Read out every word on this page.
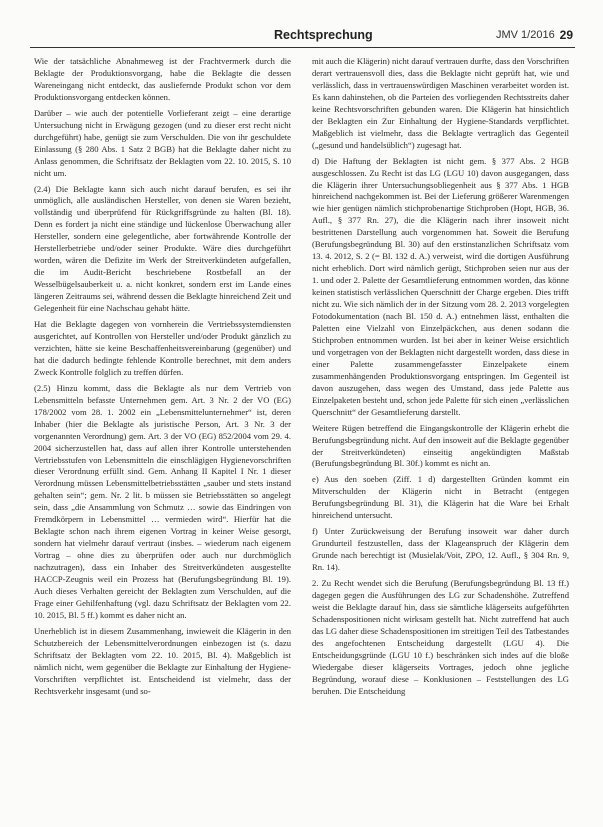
Rechtsprechung	JMV 1/2016 29

Wie der tatsächliche Abnahmeweg ist der Frachtvermerk durch die Beklagte der Produktionsvorgang, habe die Beklagte die dessen Wareneingang nicht entdeckt, das ausliefernde Produkt schon vor dem Produktionsvorgang entdecken können.

Darüber – wie auch der potentielle Vorlieferant zeigt – eine derartige Untersuchung nicht in Erwägung gezogen (und zu dieser erst recht nicht durchgeführt) habe, genügt sie zum Verschulden. Die von ihr geschuldete Einlassung (§ 280 Abs. 1 Satz 2 BGB) hat die Beklagte daher nicht zu Anlass genommen, die Schriftsatz der Beklagten vom 22. 10. 2015, S. 10 nicht um.

(2.4) Die Beklagte kann sich auch nicht darauf berufen, es sei ihr unmöglich, alle ausländischen Hersteller, von denen sie Waren bezieht, vollständig und überprüfend für Rückgriffsgründe zu halten (Bl. 18). Denn es fordert ja nicht eine ständige und lückenlose Überwachung aller Hersteller, sondern eine gelegentliche, aber fortwährende Kontrolle der Herstellerbetriebe und/oder seiner Produkte. Wäre dies durchgeführt worden, wären die Defizite im Werk der Streitverkündeten aufgefallen, die im Audit-Bericht beschriebene Rostbefall an der Wesselbügelsauberkeit u. a. nicht konkret, sondern erst im Lande eines längeren Zeitraums sei, während dessen die Beklagte hinreichend Zeit und Gelegenheit für eine Nachschau gehabt hätte.

Hat die Beklagte dagegen von vornherein die Vertriebssystemdiensten ausgerichtet, auf Kontrollen von Hersteller und/oder Produkt gänzlich zu verzichten, hätte sie keine Beschaffenheitsvereinbarung (gegenüber) und hat die dadurch bedingte fehlende Kontrolle berechnet, mit dem anders Zweck Kontrolle folglich zu treffen dürfen.

(2.5) Hinzu kommt, dass die Beklagte als nur dem Vertrieb von Lebensmitteln befasste Unternehmen gem. Art. 3 Nr. 2 der VO (EG) 178/2002 vom 28. 1. 2002 ein „Lebensmittelunternehmer“ ist, deren Inhaber (hier die Beklagte als juristische Person, Art. 3 Nr. 3 der vorgenannten Verordnung) gem. Art. 3 der VO (EG) 852/2004 vom 29. 4. 2004 sicherzustellen hat, dass auf allen ihrer Kontrolle unterstehenden Vertriebsstufen von Lebensmitteln die einschlägigen Hygienevorschriften dieser Verordnung erfüllt sind. Gem. Anhang II Kapitel I Nr. 1 dieser Verordnung müssen Lebensmittelbetriebsstätten „sauber und stets instand gehalten sein“; gem. Nr. 2 lit. b müssen sie Betriebsstätten so angelegt sein, dass „die Ansammlung von Schmutz … sowie das Eindringen von Fremdkörpern in Lebensmittel … vermieden wird“. Hierfür hat die Beklagte schon nach ihrem eigenen Vortrag in keiner Weise gesorgt, sondern hat vielmehr darauf vertraut (insbes. – wiederum nach eigenem Vortrag – ohne dies zu überprüfen oder auch nur durchmöglich nachzutragen), dass ein Inhaber des Streitverkündeten ausgestellte HACCP-Zeugnis weil ein Prozess hat (Berufungsbegründung Bl. 19). Auch dieses Verhalten gereicht der Beklagten zum Verschulden, auf die Frage einer Gehilfenhaftung (vgl. dazu Schriftsatz der Beklagten vom 22. 10. 2015, Bl. 5 ff.) kommt es daher nicht an.

Unerheblich ist in diesem Zusammenhang, inwieweit die Klägerin in den Schutzbereich der Lebensmittelverordnungen einbezogen ist (s. dazu Schriftsatz der Beklagten vom 22. 10. 2015, Bl. 4). Maßgeblich ist nämlich nicht, wem gegenüber die Beklagte zur Einhaltung der Hygiene-Vorschriften verpflichtet ist. Entscheidend ist vielmehr, dass der Rechtsverkehr insgesamt (und so-

mit auch die Klägerin) nicht darauf vertrauen durfte, dass den Vorschriften derart vertrauensvoll dies, dass die Beklagte nicht geprüft hat, wie und verlässlich, dass in vertrauenswürdigen Maschinen verarbeitet worden ist. Es kann dahinstehen, ob die Parteien des vorliegenden Rechtsstreits daher keine Rechtsvorschriften gebunden waren. Die Klägerin hat hinsichtlich der Beklagten ein Zur Einhaltung der Hygiene-Standards verpflichtet. Maßgeblich ist vielmehr, dass die Beklagte vertraglich das Gegenteil („gesund und handelsüblich“) zugesagt hat.

d) Die Haftung der Beklagten ist nicht gem. § 377 Abs. 2 HGB ausgeschlossen. Zu Recht ist das LG (LGU 10) davon ausgegangen, dass die Klägerin ihrer Untersuchungsobliegenheit aus § 377 Abs. 1 HGB hinreichend nachgekommen ist. Bei der Lieferung größerer Warenmengen wie hier genügen nämlich stichprobenartige Stichproben (Hopt, HGB, 36. Aufl., § 377 Rn. 27), die die Klägerin nach ihrer insoweit nicht bestrittenen Darstellung auch vorgenommen hat. Soweit die Berufung (Berufungsbegründung Bl. 30) auf den erstinstanzlichen Schriftsatz vom 13. 4. 2012, S. 2 (= Bl. 132 d. A.) verweist, wird die dortigen Ausführung nicht erheblich. Dort wird nämlich gerügt, Stichproben seien nur aus der 1. und oder 2. Palette der Gesamtlieferung entnommen worden, das könne keinen statistisch verlässlichen Querschnitt der Charge ergeben. Dies trifft nicht zu. Wie sich nämlich der in der Sitzung vom 28. 2. 2013 vorgelegten Fotodokumentation (nach Bl. 150 d. A.) entnehmen lässt, enthalten die Paletten eine Vielzahl von Einzelpäckchen, aus denen sodann die Stichproben entnommen wurden. Ist bei aber in keiner Weise ersichtlich und vorgetragen von der Beklagten nicht dargestellt worden, dass diese in einer Palette zusammengefasster Einzelpakete einem zusammenhängenden Produktionsvorgang entspringen. Im Gegenteil ist davon auszugehen, dass wegen des Umstand, dass jede Palette aus Einzelpaketen besteht und, schon jede Palette für sich einen „verlässlichen Querschnitt“ der Gesamtlieferung darstellt.

Weitere Rügen betreffend die Eingangskontrolle der Klägerin erhebt die Berufungsbegründung nicht. Auf den insoweit auf die Beklagte gegenüber der Streitverkündeten) einseitig angekündigten Maßstab (Berufungsbegründung Bl. 30f.) kommt es nicht an.

e) Aus den soeben (Ziff. 1 d) dargestellten Gründen kommt ein Mitverschulden der Klägerin nicht in Betracht (entgegen Berufungsbegründung Bl. 31), die Klägerin hat die Ware bei Erhalt hinreichend untersucht.

f) Unter Zurückweisung der Berufung insoweit war daher durch Grundurteil festzustellen, dass der Klageanspruch der Klägerin dem Grunde nach berechtigt ist (Musielak/Voit, ZPO, 12. Aufl., § 304 Rn. 9, Rn. 14).

2. Zu Recht wendet sich die Berufung (Berufungsbegründung Bl. 13 ff.) dagegen gegen die Ausführungen des LG zur Schadenshöhe. Zutreffend weist die Beklagte darauf hin, dass sie sämtliche klägerseits aufgeführten Schadenspositionen nicht wirksam gestellt hat. Nicht zutreffend hat auch das LG daher diese Schadenspositionen im streitigen Teil des Tatbestandes des angefochtenen Entscheidung dargestellt (LGU 4). Die Entscheidungsgründe (LGU 10 f.) beschränken sich indes auf die bloße Wiedergabe dieser klägerseits Vortrages, jedoch ohne jegliche Begründung, worauf diese – Konklusionen – Feststellungen des LG beruhen. Die Entscheidung
